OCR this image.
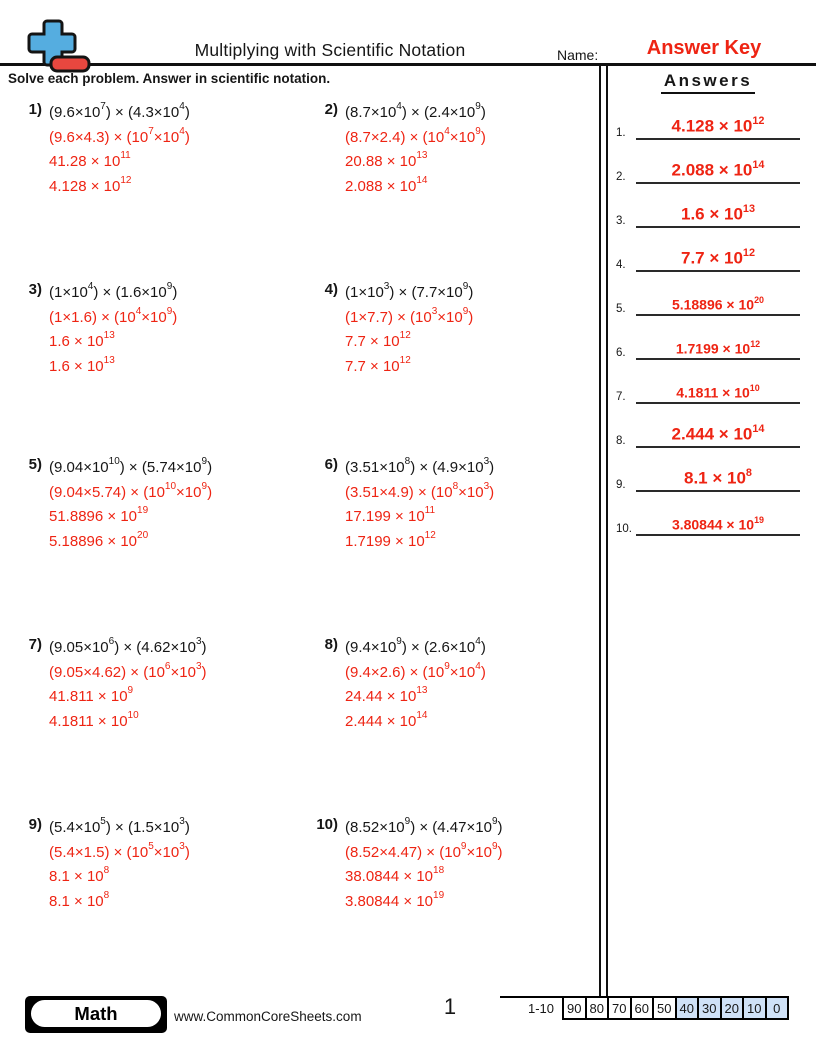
Multiplying with Scientific Notation	Name:	Answer Key
Solve each problem. Answer in scientific notation.	Answers
1.	$4.128 \times 10^{12}$
2.	$2.088 \times 10^{14}$
3.	$1.6 \times 10^{13}$
4.	$7.7 \times 10^{12}$
5.	$5.18896 \times 10^{20}$
6.	$1.7199 \times 10^{12}$
7.	$4.1811 \times 10^{10}$
8.	$2.444 \times 10^{14}$
9.	$8.1 \times 10^8$
10.	$3.80844 \times 10^{19}$
1) $(9.6\times 10^7) \times (4.3\times 10^4)$
$(9.6\times 4.3) \times (10^7\times 10^4)$
$41.28 \times 10^{11}$
$4.128 \times 10^{12}$
2) $(8.7\times 10^4) \times (2.4\times 10^9)$
$(8.7\times 2.4) \times (10^4\times 10^9)$
$20.88 \times 10^{13}$
$2.088 \times 10^{14}$
3) $(1\times 10^4) \times (1.6\times 10^9)$
$(1\times 1.6) \times (10^4\times 10^9)$
$1.6 \times 10^{13}$
$1.6 \times 10^{13}$
4) $(1\times 10^3) \times (7.7\times 10^9)$
$(1\times 7.7) \times (10^3\times 10^9)$
$7.7 \times 10^{12}$
$7.7 \times 10^{12}$
5) $(9.04\times 10^{10}) \times (5.74\times 10^9)$
$(9.04\times 5.74) \times (10^{10}\times 10^9)$
$51.8896 \times 10^{19}$
$5.18896 \times 10^{20}$
6) $(3.51\times 10^8) \times (4.9\times 10^3)$
$(3.51\times 4.9) \times (10^8\times 10^3)$
$17.199 \times 10^{11}$
$1.7199 \times 10^{12}$
7) $(9.05\times 10^6) \times (4.62\times 10^3)$
$(9.05\times 4.62) \times (10^6\times 10^3)$
$41.811 \times 10^9$
$4.1811 \times 10^{10}$
8) $(9.4\times 10^9) \times (2.6\times 10^4)$
$(9.4\times 2.6) \times (10^9\times 10^4)$
$24.44 \times 10^{13}$
$2.444 \times 10^{14}$
9) $(5.4\times 10^5) \times (1.5\times 10^3)$
$(5.4\times 1.5) \times (10^5\times 10^3)$
$8.1 \times 10^8$
$8.1 \times 10^8$
10) $(8.52\times 10^9) \times (4.47\times 10^9)$
$(8.52\times 4.47) \times (10^9\times 10^9)$
$38.0844 \times 10^{18}$
$3.80844 \times 10^{19}$
Math	www.CommonCoreSheets.com	1	1-10	90 80 70 60 50 40 30 20 10 0
